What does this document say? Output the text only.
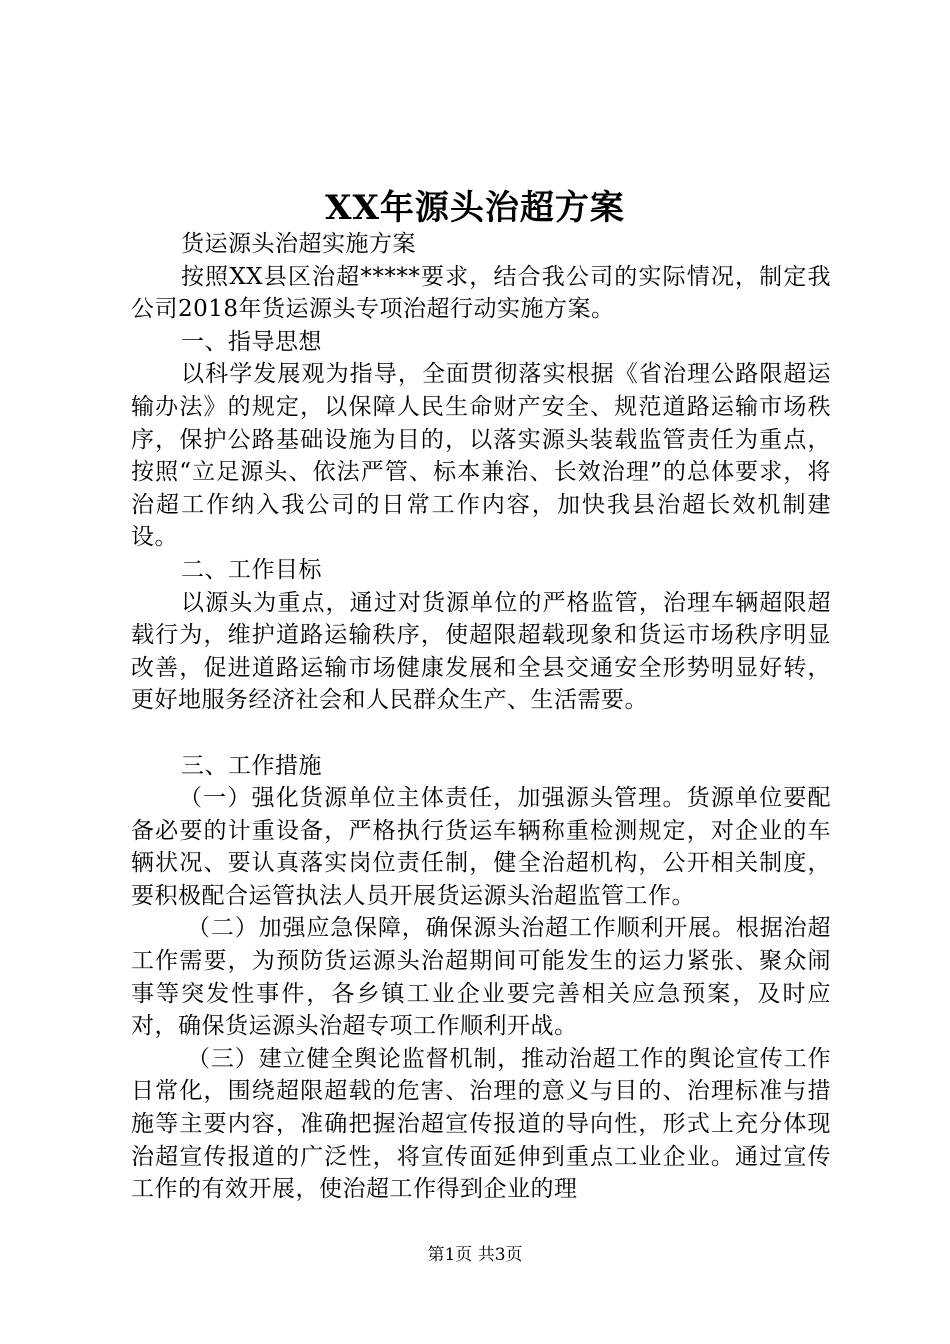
XX年源头治超方案

货运源头治超实施方案

按照XX县区治超*****要求，结合我公司的实际情况，制定我公司2018年货运源头专项治超行动实施方案。

一、指导思想

以科学发展观为指导，全面贯彻落实根据《省治理公路限超运输办法》的规定，以保障人民生命财产安全、规范道路运输市场秩序，保护公路基础设施为目的，以落实源头装载监管责任为重点，按照“立足源头、依法严管、标本兼治、长效治理”的总体要求，将治超工作纳入我公司的日常工作内容，加快我县治超长效机制建设。

二、工作目标

以源头为重点，通过对货源单位的严格监管，治理车辆超限超载行为，维护道路运输秩序，使超限超载现象和货运市场秩序明显改善，促进道路运输市场健康发展和全县交通安全形势明显好转，更好地服务经济社会和人民群众生产、生活需要。

三、工作措施

（一）强化货源单位主体责任，加强源头管理。货源单位要配备必要的计重设备，严格执行货运车辆称重检测规定，对企业的车辆状况、要认真落实岗位责任制，健全治超机构，公开相关制度，要积极配合运管执法人员开展货运源头治超监管工作。

（二）加强应急保障，确保源头治超工作顺利开展。根据治超工作需要，为预防货运源头治超期间可能发生的运力紧张、聚众闹事等突发性事件，各乡镇工业企业要完善相关应急预案，及时应对，确保货运源头治超专项工作顺利开战。

（三）建立健全舆论监督机制，推动治超工作的舆论宣传工作日常化，围绕超限超载的危害、治理的意义与目的、治理标准与措施等主要内容，准确把握治超宣传报道的导向性，形式上充分体现治超宣传报道的广泛性，将宣传面延伸到重点工业企业。通过宣传工作的有效开展，使治超工作得到企业的理

第1页 共3页
